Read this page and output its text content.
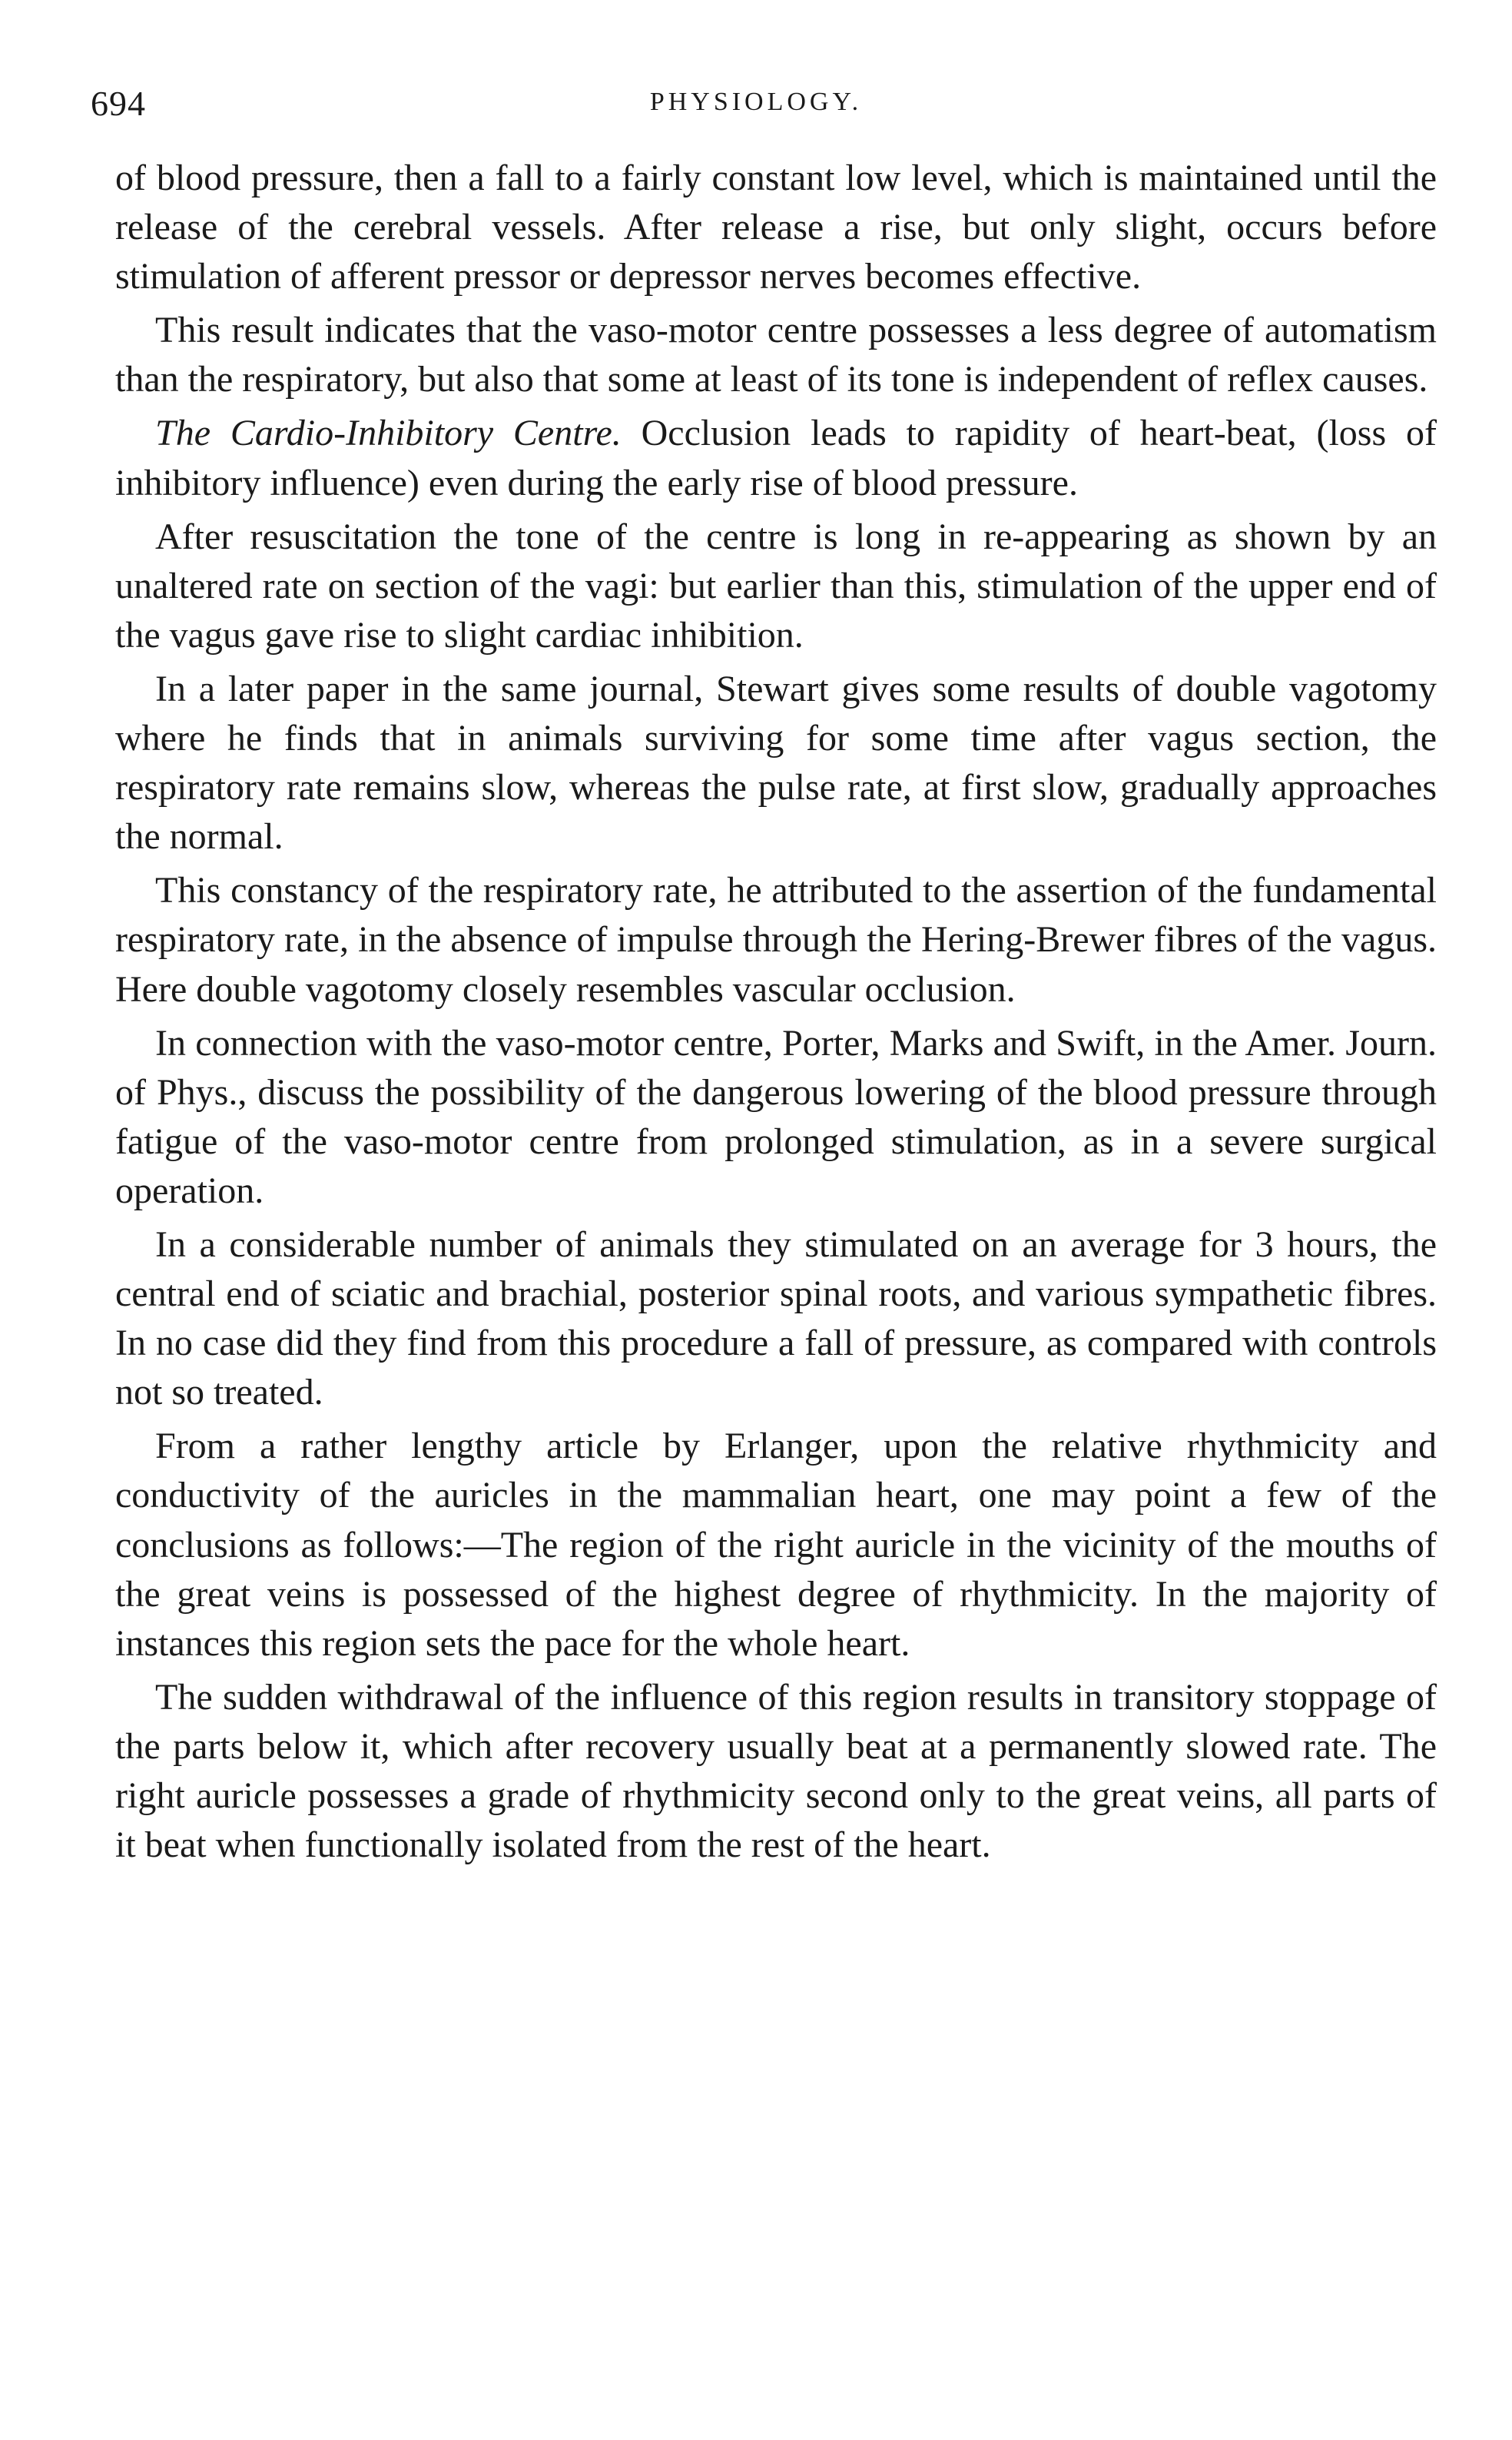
694	PHYSIOLOGY.

of blood pressure, then a fall to a fairly constant low level, which is maintained until the release of the cerebral vessels. After release a rise, but only slight, occurs before stimulation of afferent pressor or depressor nerves becomes effective.

This result indicates that the vaso-motor centre possesses a less degree of automatism than the respiratory, but also that some at least of its tone is independent of reflex causes.

The Cardio-Inhibitory Centre. Occlusion leads to rapidity of heart-beat, (loss of inhibitory influence) even during the early rise of blood pressure.

After resuscitation the tone of the centre is long in re-appearing as shown by an unaltered rate on section of the vagi: but earlier than this, stimulation of the upper end of the vagus gave rise to slight cardiac inhibition.

In a later paper in the same journal, Stewart gives some results of double vagotomy where he finds that in animals surviving for some time after vagus section, the respiratory rate remains slow, whereas the pulse rate, at first slow, gradually approaches the normal.

This constancy of the respiratory rate, he attributed to the assertion of the fundamental respiratory rate, in the absence of impulse through the Hering-Brewer fibres of the vagus. Here double vagotomy closely resembles vascular occlusion.

In connection with the vaso-motor centre, Porter, Marks and Swift, in the Amer. Journ. of Phys., discuss the possibility of the dangerous lowering of the blood pressure through fatigue of the vaso-motor centre from prolonged stimulation, as in a severe surgical operation.

In a considerable number of animals they stimulated on an average for 3 hours, the central end of sciatic and brachial, posterior spinal roots, and various sympathetic fibres. In no case did they find from this procedure a fall of pressure, as compared with controls not so treated.

From a rather lengthy article by Erlanger, upon the relative rhythmicity and conductivity of the auricles in the mammalian heart, one may point a few of the conclusions as follows:—The region of the right auricle in the vicinity of the mouths of the great veins is possessed of the highest degree of rhythmicity. In the majority of instances this region sets the pace for the whole heart.

The sudden withdrawal of the influence of this region results in transitory stoppage of the parts below it, which after recovery usually beat at a permanently slowed rate. The right auricle possesses a grade of rhythmicity second only to the great veins, all parts of it beat when functionally isolated from the rest of the heart.
